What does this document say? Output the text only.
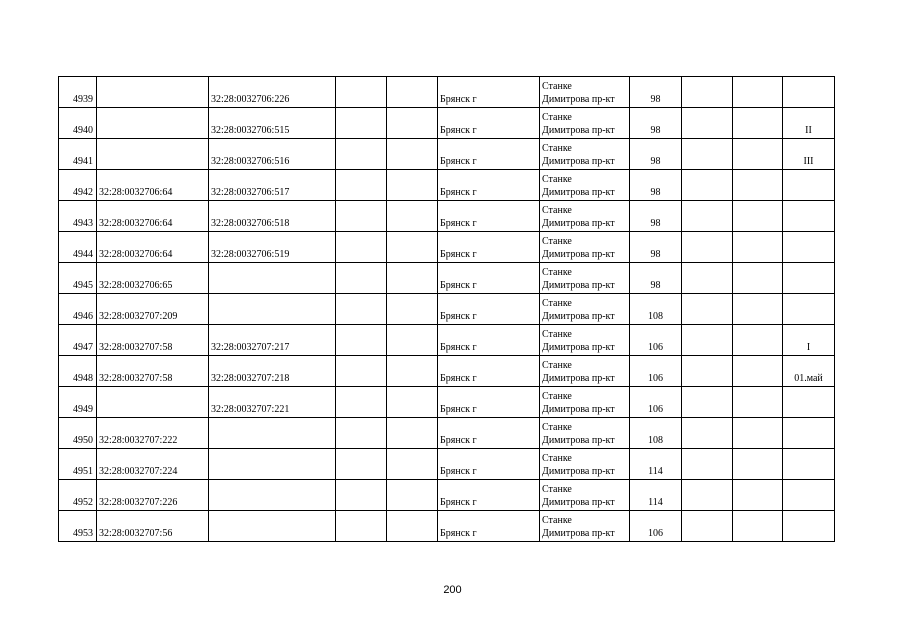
4939		32:28:0032706:226			Брянск г	Станке
Димитрова пр-кт	98			
4940		32:28:0032706:515			Брянск г	Станке
Димитрова пр-кт	98			II
4941		32:28:0032706:516			Брянск г	Станке
Димитрова пр-кт	98			III
4942	32:28:0032706:64	32:28:0032706:517			Брянск г	Станке
Димитрова пр-кт	98			
4943	32:28:0032706:64	32:28:0032706:518			Брянск г	Станке
Димитрова пр-кт	98			
4944	32:28:0032706:64	32:28:0032706:519			Брянск г	Станке
Димитрова пр-кт	98			
4945	32:28:0032706:65				Брянск г	Станке
Димитрова пр-кт	98			
4946	32:28:0032707:209				Брянск г	Станке
Димитрова пр-кт	108			
4947	32:28:0032707:58	32:28:0032707:217			Брянск г	Станке
Димитрова пр-кт	106			I
4948	32:28:0032707:58	32:28:0032707:218			Брянск г	Станке
Димитрова пр-кт	106			01.май
4949		32:28:0032707:221			Брянск г	Станке
Димитрова пр-кт	106			
4950	32:28:0032707:222				Брянск г	Станке
Димитрова пр-кт	108			
4951	32:28:0032707:224				Брянск г	Станке
Димитрова пр-кт	114			
4952	32:28:0032707:226				Брянск г	Станке
Димитрова пр-кт	114			
4953	32:28:0032707:56				Брянск г	Станке
Димитрова пр-кт	106			
200
